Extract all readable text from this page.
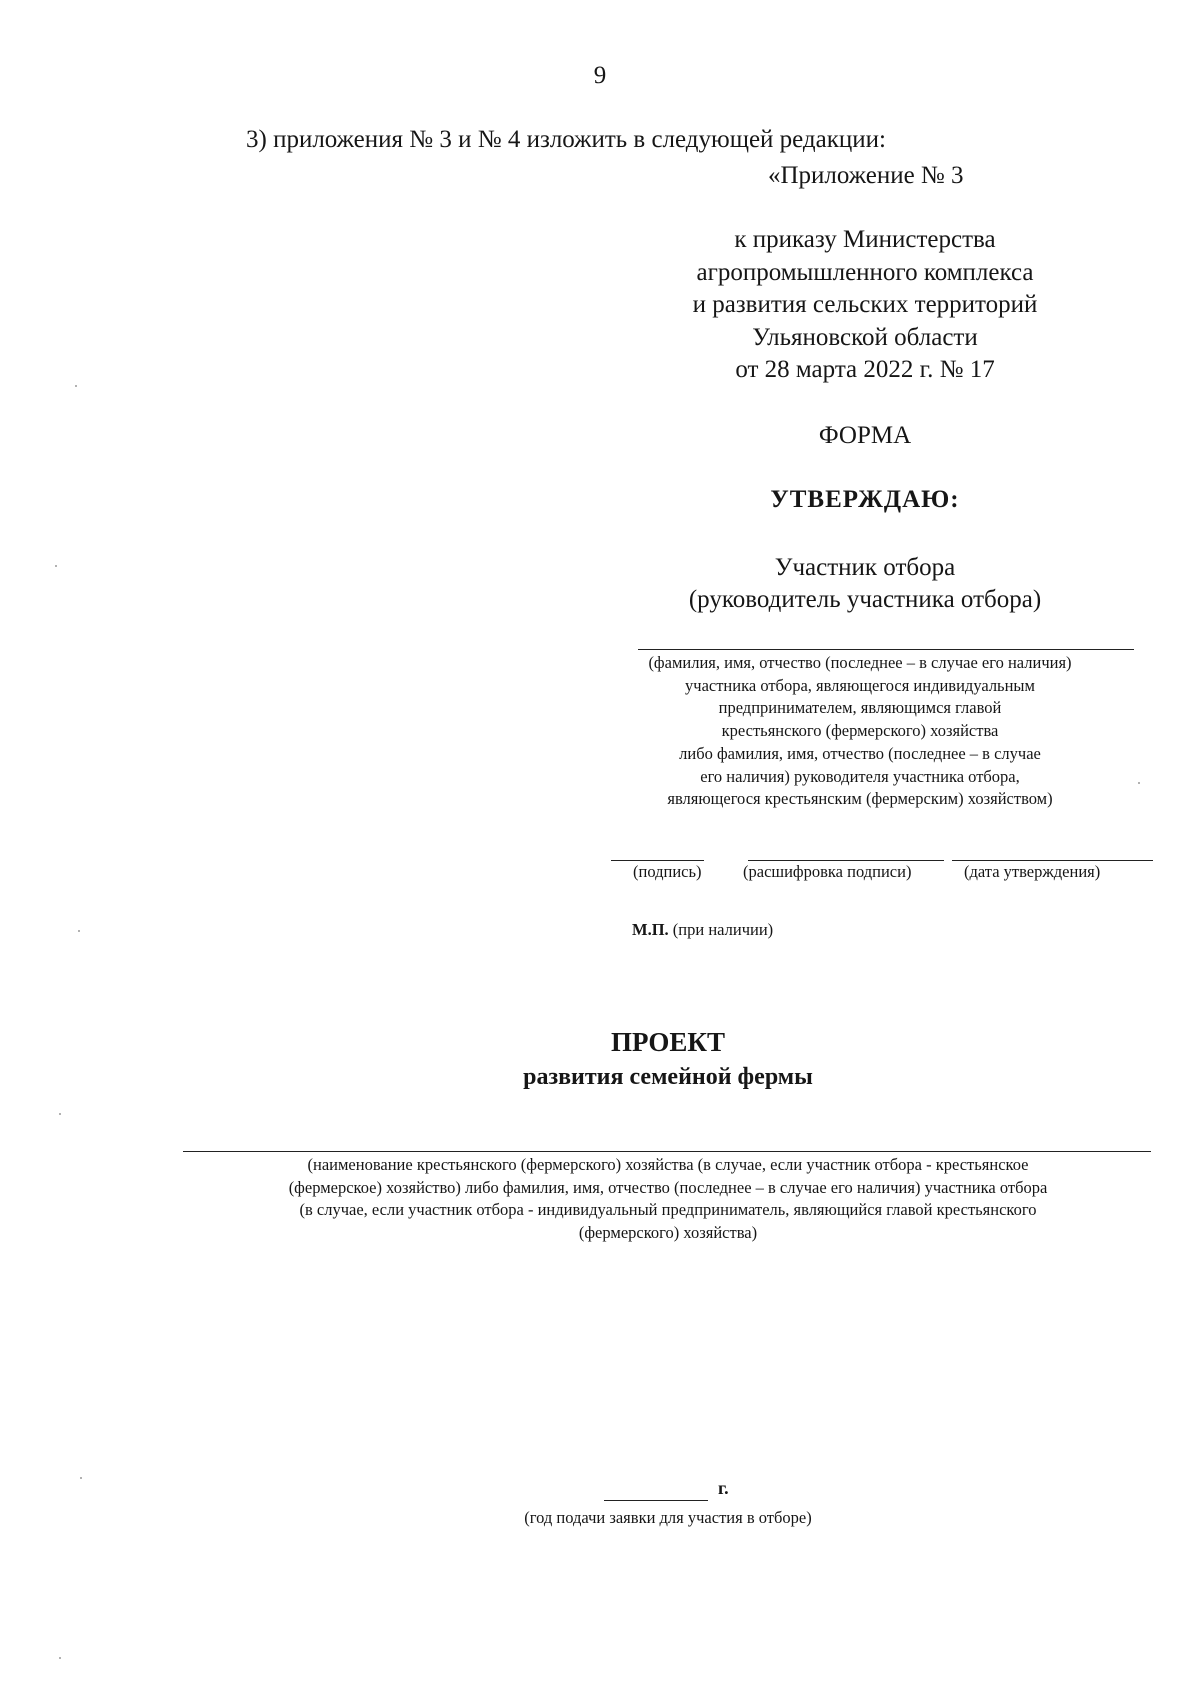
9
3) приложения № 3 и № 4 изложить в следующей редакции:
«Приложение № 3
к приказу Министерства
агропромышленного комплекса
и развития сельских территорий
Ульяновской области
от 28 марта 2022 г. № 17
ФОРМА
УТВЕРЖДАЮ:
Участник отбора
(руководитель участника отбора)
(фамилия, имя, отчество (последнее – в случае его наличия)
участника отбора, являющегося индивидуальным
предпринимателем, являющимся главой
крестьянского (фермерского) хозяйства
либо фамилия, имя, отчество (последнее – в случае
его наличия) руководителя участника отбора,
являющегося крестьянским (фермерским) хозяйством)
(подпись)	(расшифровка подписи)	(дата утверждения)
М.П. (при наличии)
ПРОЕКТ
развития семейной фермы
(наименование крестьянского (фермерского) хозяйства (в случае, если участник отбора - крестьянское
(фермерское) хозяйство) либо фамилия, имя, отчество (последнее – в случае его наличия) участника отбора
(в случае, если участник отбора - индивидуальный предприниматель, являющийся главой крестьянского
(фермерского) хозяйства)
г.
(год подачи заявки для участия в отборе)
